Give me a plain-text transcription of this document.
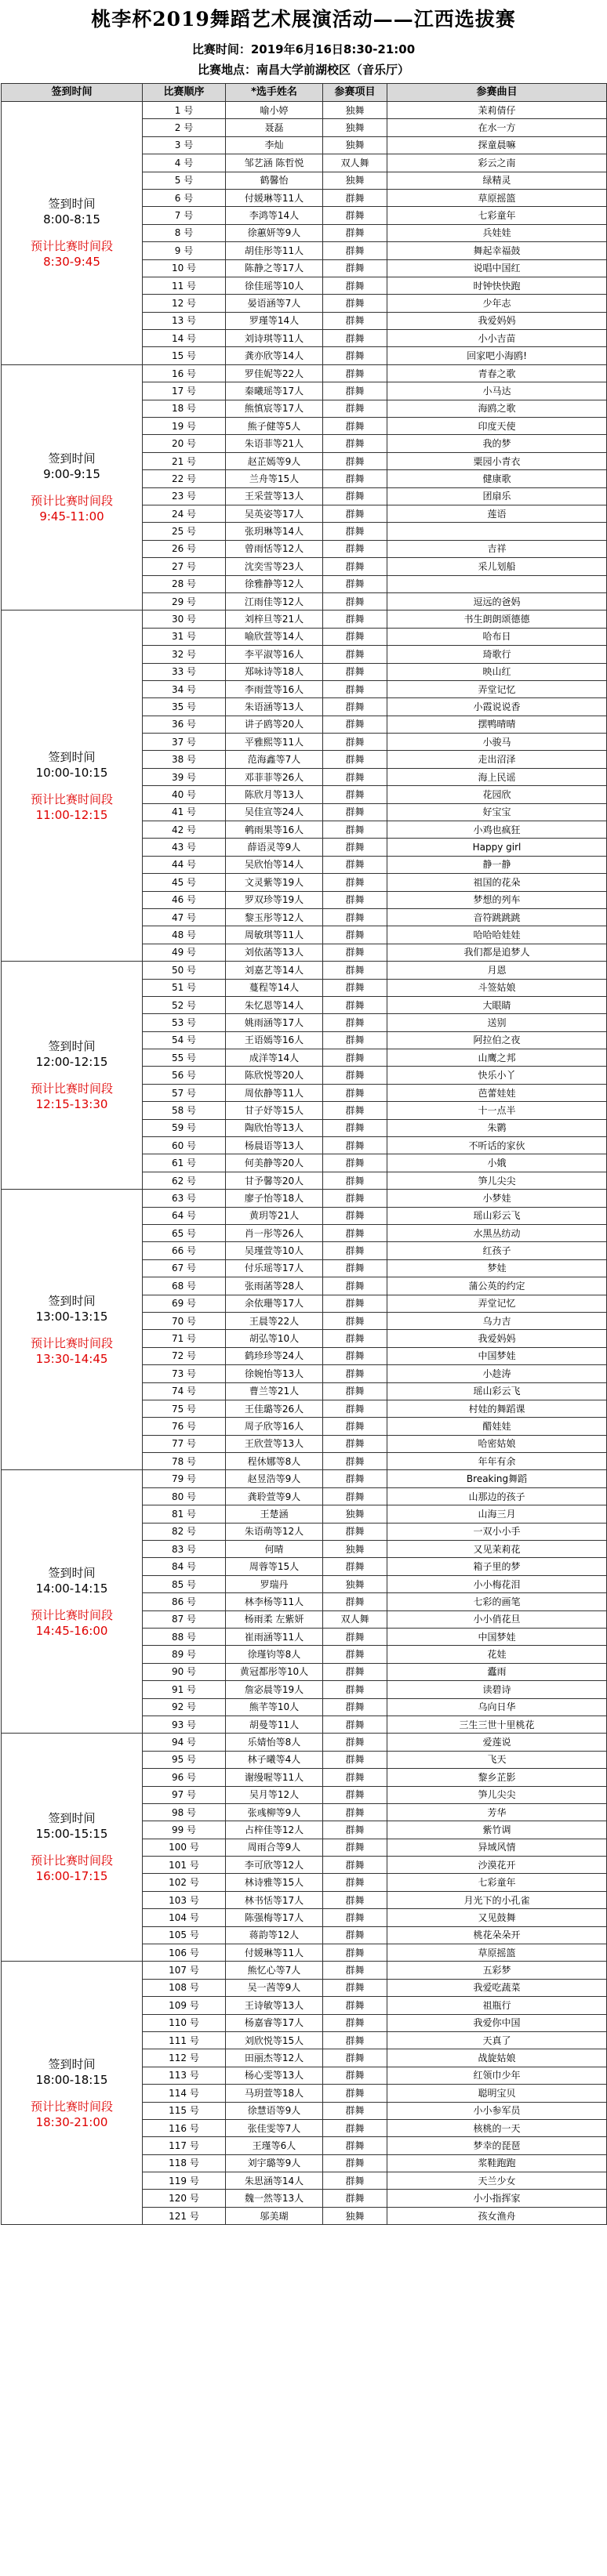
桃李杯2019舞蹈艺术展演活动——江西选拔赛
比赛时间：2019年6月16日8:30-21:00
比赛地点：南昌大学前湖校区（音乐厅）
签到时间	比赛顺序	*选手姓名	参赛项目	参赛曲目

签到时间
8:00-8:15
预计比赛时间段
8:30-9:45	1 号	喻小婷	独舞	茉莉倩仔
	2 号	聂磊	独舞	在水一方
	3 号	李灿	独舞	探童晨嘛
	4 号	邹艺涵 陈哲悦	双人舞	彩云之南
	5 号	鹤馨怡	独舞	绿精灵
	6 号	付媛琳等11人	群舞	草原摇篮
	7 号	李鸿等14人	群舞	七彩童年
	8 号	徐蕙妍等9人	群舞	兵娃娃
	9 号	胡佳彤等11人	群舞	舞起幸福鼓
	10 号	陈静之等17人	群舞	说唱中国红
	11 号	徐佳瑶等10人	群舞	时钟快快跑
	12 号	晏语涵等7人	群舞	少年志
	13 号	罗瑾等14人	群舞	我爱妈妈
	14 号	刘诗琪等11人	群舞	小小吉苗
	15 号	龚亦欣等14人	群舞	回家吧小海鸥!

签到时间
9:00-9:15
预计比赛时间段
9:45-11:00	16 号	罗佳妮等22人	群舞	青春之歌
	17 号	秦曦瑶等17人	群舞	小马达
	18 号	熊慎宸等17人	群舞	海鸥之歌
	19 号	熊子健等5人	群舞	印度天使
	20 号	朱语菲等21人	群舞	我的梦
	21 号	赵芷嫣等9人	群舞	粟园小青衣
	22 号	兰舟等15人	群舞	健康歌
	23 号	王采萱等13人	群舞	团扇乐
	24 号	吴英姿等17人	群舞	莲语
	25 号	张玥琳等14人	群舞	
	26 号	曾雨恬等12人	群舞	吉祥
	27 号	沈奕雪等23人	群舞	采儿划船
	28 号	徐雅静等12人	群舞	
	29 号	江雨佳等12人	群舞	逗远的爸妈

签到时间
10:00-10:15
预计比赛时间段
11:00-12:15	30 号	刘梓旦等21人	群舞	书生朗朗颂德德
	31 号	喻欣萱等14人	群舞	哈布日
	32 号	李平淑等16人	群舞	琦歌行
	33 号	郑咏诗等18人	群舞	映山红
	34 号	李雨萱等16人	群舞	弄堂记忆
	35 号	朱语涵等13人	群舞	小霞说说香
	36 号	讲子鸥等20人	群舞	摆鸭晴晴
	37 号	平雅熙等11人	群舞	小骏马
	38 号	范海鑫等7人	群舞	走出沼泽
	39 号	邓菲菲等26人	群舞	海上民谣
	40 号	陈欣月等13人	群舞	花园欣
	41 号	吴佳宣等24人	群舞	好宝宝
	42 号	鹌雨果等16人	群舞	小鸡也疯狂
	43 号	薛语灵等9人	群舞	Happy girl
	44 号	吴欣怡等14人	群舞	静一静
	45 号	文灵紫等19人	群舞	祖国的花朵
	46 号	罗双珍等19人	群舞	梦想的列车
	47 号	黎玉彤等12人	群舞	音符跳跳跳
	48 号	周敏琪等11人	群舞	哈哈哈娃娃
	49 号	刘依菡等13人	群舞	我们都是追梦人

签到时间
12:00-12:15
预计比赛时间段
12:15-13:30	50 号	刘嘉艺等14人	群舞	月恩
	51 号	蔓程等14人	群舞	斗签姑娘
	52 号	朱忆恩等14人	群舞	大眼睛
	53 号	姚雨涵等17人	群舞	送别
	54 号	王语嫣等16人	群舞	阿拉伯之夜
	55 号	成洋等14人	群舞	山鹰之邦
	56 号	陈欣悦等20人	群舞	快乐小丫
	57 号	周依静等11人	群舞	芭蕾娃娃
	58 号	甘子妤等15人	群舞	十一点半
	59 号	陶欣怡等13人	群舞	朱鹮
	60 号	杨晨语等13人	群舞	不听话的家伙
	61 号	何美静等20人	群舞	小娥
	62 号	甘予馨等20人	群舞	笋儿尖尖

签到时间
13:00-13:15
预计比赛时间段
13:30-14:45	63 号	廖子怡等18人	群舞	小梦娃
	64 号	黄玥等21人	群舞	瑶山彩云飞
	65 号	肖一彤等26人	群舞	水黑丛纺动
	66 号	吴瑾萱等10人	群舞	红孩子
	67 号	付乐瑶等17人	群舞	梦娃
	68 号	张雨菡等28人	群舞	蒲公英的约定
	69 号	余依珊等17人	群舞	弄堂记忆
	70 号	王晨等22人	群舞	乌力吉
	71 号	胡弘等10人	群舞	我爱妈妈
	72 号	鹤珍珍等24人	群舞	中国梦娃
	73 号	徐婉怡等13人	群舞	小趁涛
	74 号	曹兰等21人	群舞	瑶山彩云飞
	75 号	王佳璐等26人	群舞	村娃的舞蹈课
	76 号	周子欣等16人	群舞	醋娃娃
	77 号	王欣萱等13人	群舞	哈密姑娘
	78 号	程休娜等8人	群舞	年年有余

签到时间
14:00-14:15
预计比赛时间段
14:45-16:00	79 号	赵昱浩等9人	群舞	Breaking舞蹈
	80 号	龚聆萱等9人	群舞	山那边的孩子
	81 号	王楚涵	独舞	山海三月
	82 号	朱语萌等12人	群舞	一双小小手
	83 号	何晴	独舞	又见茉莉花
	84 号	周蓉等15人	群舞	箱子里的梦
	85 号	罗瑞丹	独舞	小小梅花泪
	86 号	林李杨等11人	群舞	七彩的画笔
	87 号	杨雨柔 左紫妍	双人舞	小小俏花旦
	88 号	崔雨涵等11人	群舞	中国梦娃
	89 号	徐瑾钧等8人	群舞	花娃
	90 号	黄冠都彤等10人	群舞	蠹雨
	91 号	詹宓晨等19人	群舞	读碧诗
	92 号	熊芊等10人	群舞	乌向日华
	93 号	胡曼等11人	群舞	三生三世十里桃花

签到时间
15:00-15:15
预计比赛时间段
16:00-17:15	94 号	乐婧怡等8人	群舞	爱莲说
	95 号	林子曦等4人	群舞	飞天
	96 号	谢缦喔等11人	群舞	黎乡芷影
	97 号	吴月等12人	群舞	笋儿尖尖
	98 号	张彧柳等9人	群舞	芳华
	99 号	占梓佳等12人	群舞	紫竹调
	100 号	周雨合等9人	群舞	异域风情
	101 号	李可欣等12人	群舞	沙漠花开
	102 号	林诗雅等15人	群舞	七彩童年
	103 号	林书恬等17人	群舞	月光下的小孔雀
	104 号	陈强梅等17人	群舞	又见鼓舞
	105 号	蒋韵等12人	群舞	桃花朵朵开
	106 号	付媛琳等11人	群舞	草原摇篮

签到时间
18:00-18:15
预计比赛时间段
18:30-21:00	107 号	熊忆心等7人	群舞	五彩梦
	108 号	吴一茜等9人	群舞	我爱吃蔬菜
	109 号	王诗敏等13人	群舞	祖瓶行
	110 号	杨嘉睿等17人	群舞	我爱你中国
	111 号	刘欣悦等15人	群舞	天真了
	112 号	田丽杰等12人	群舞	战旋姑娘
	113 号	杨心雯等13人	群舞	红领巾少年
	114 号	马玥萱等18人	群舞	聪明宝贝
	115 号	徐慧语等9人	群舞	小小参军员
	116 号	张佳雯等7人	群舞	核桃的一天
	117 号	王瑾等6人	群舞	梦幸的琵琶
	118 号	刘宇璐等9人	群舞	浆鞋跑跑
	119 号	朱思涵等14人	群舞	天兰少女
	120 号	魏一然等13人	群舞	小小指挥家
	121 号	邬美瑚	独舞	孩女渔舟
